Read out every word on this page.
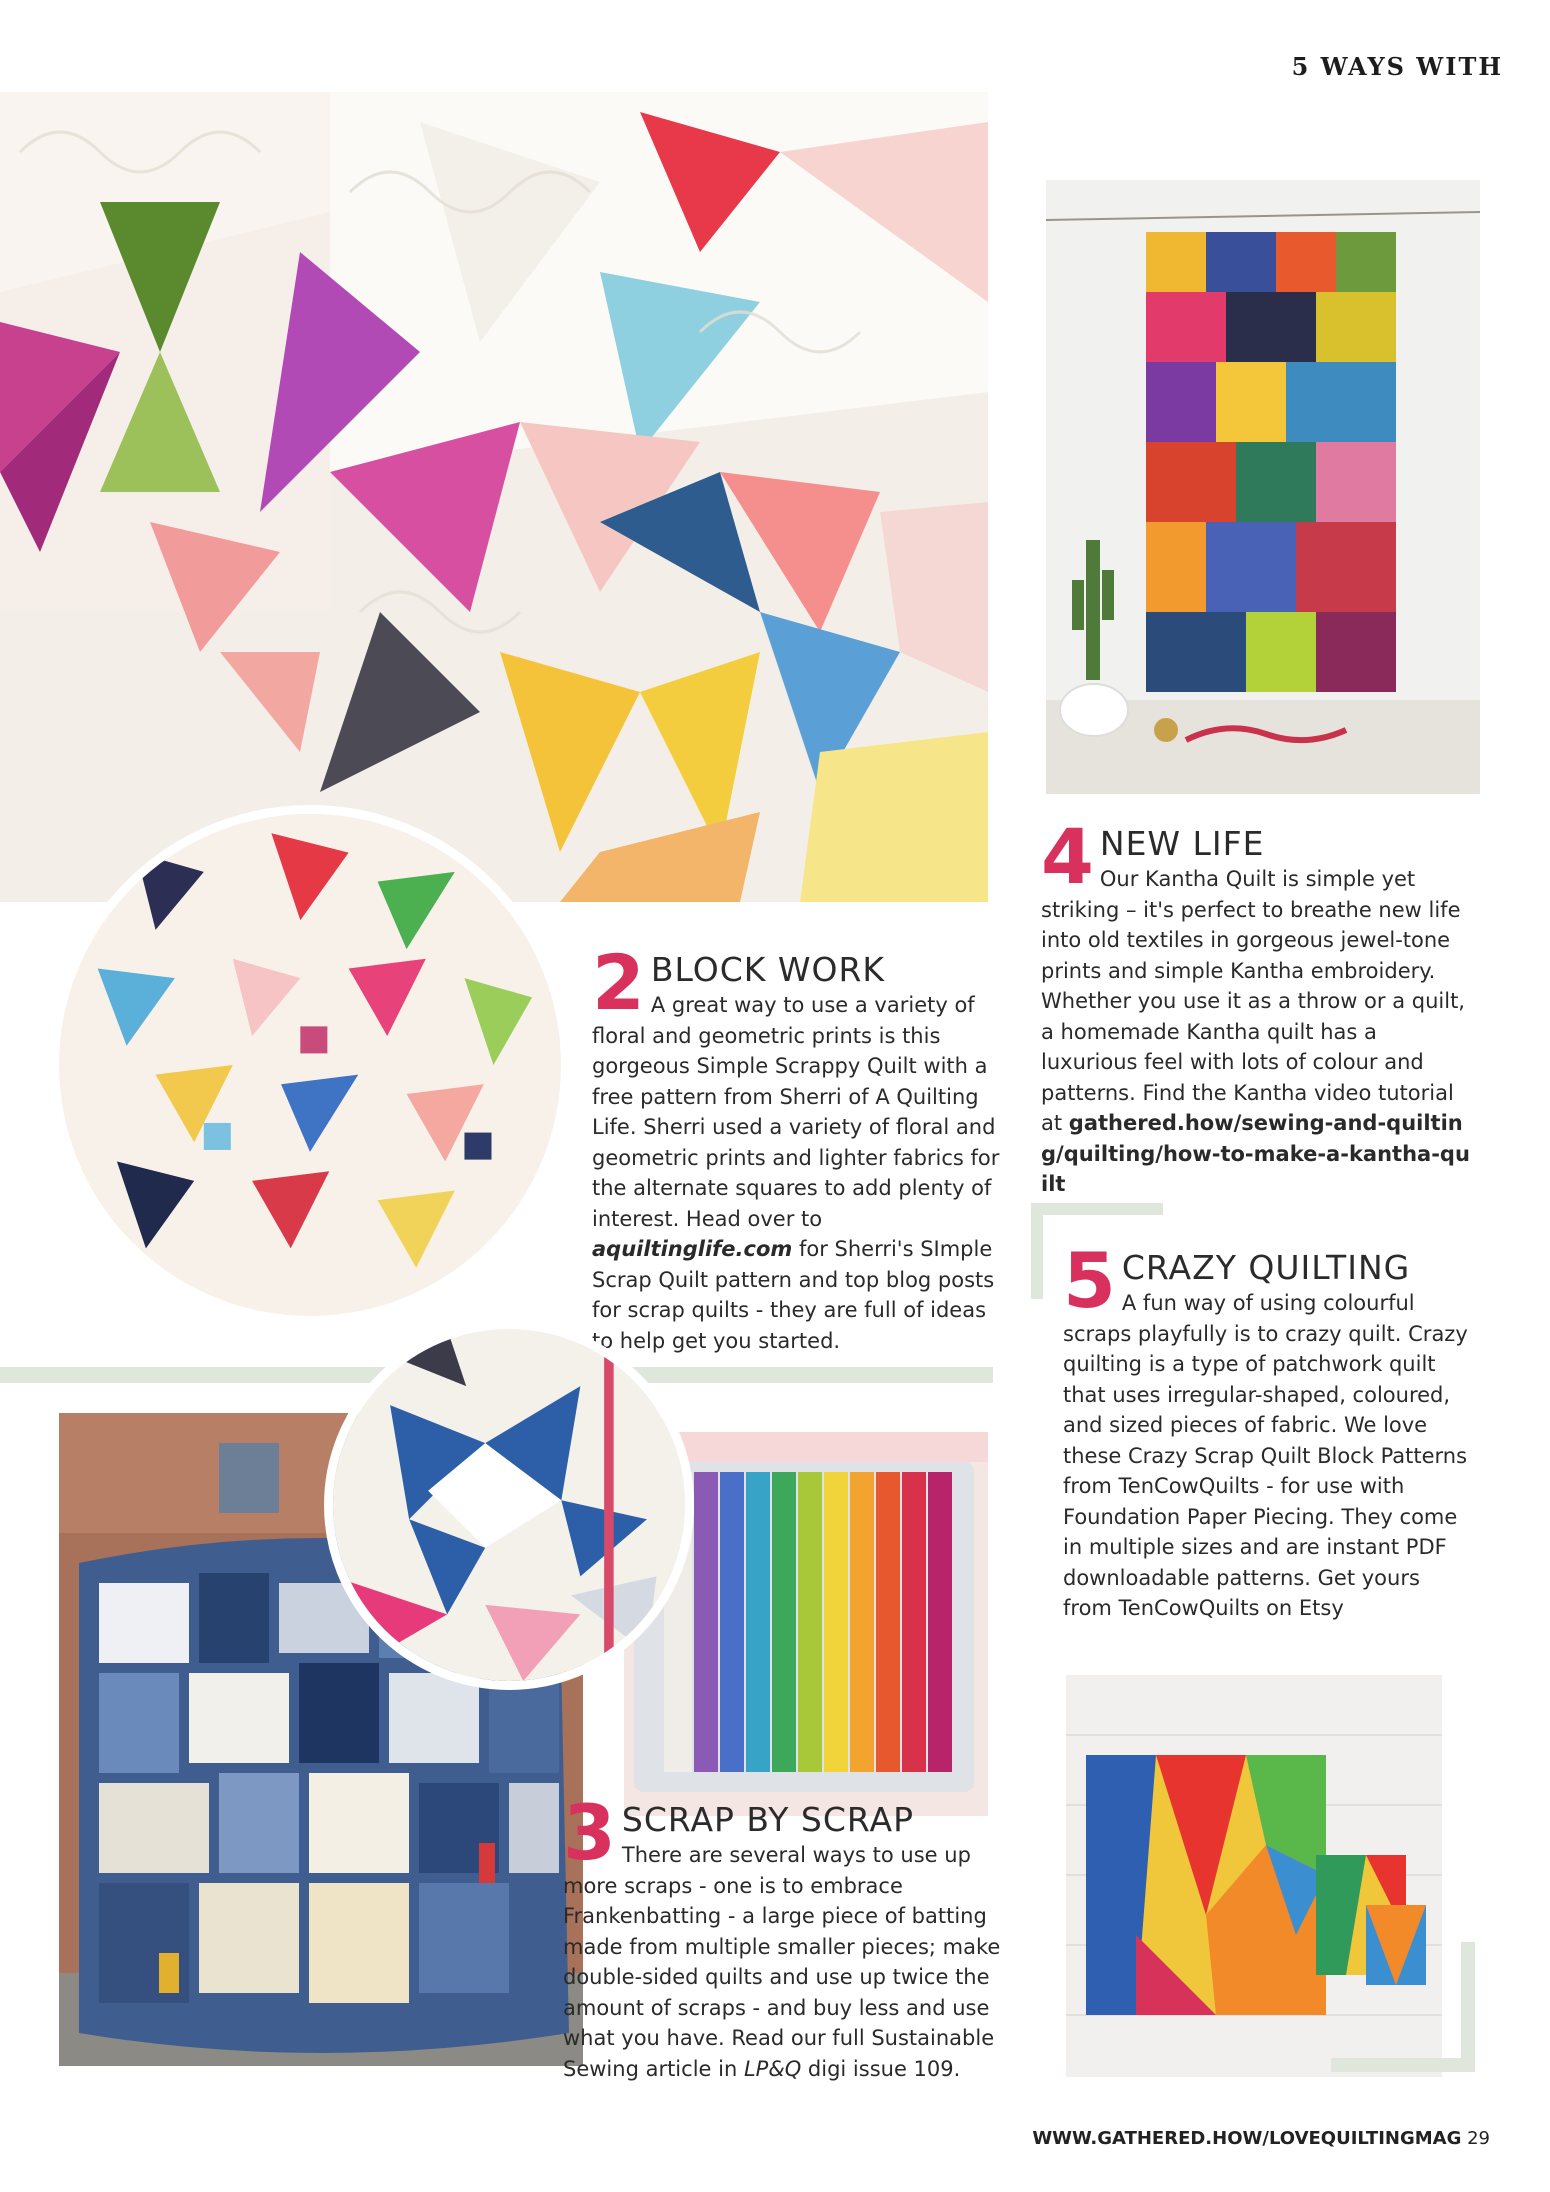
5 WAYS WITH
2 BLOCK WORK

A great way to use a variety of floral and geometric prints is this gorgeous Simple Scrappy Quilt with a free pattern from Sherri of A Quilting Life. Sherri used a variety of floral and geometric prints and lighter fabrics for the alternate squares to add plenty of interest. Head over to aquiltinglife.com for Sherri's SImple Scrap Quilt pattern and top blog posts for scrap quilts - they are full of ideas to help get you started.

4 NEW LIFE

Our Kantha Quilt is simple yet striking – it's perfect to breathe new life into old textiles in gorgeous jewel-tone prints and simple Kantha embroidery. Whether you use it as a throw or a quilt, a homemade Kantha quilt has a luxurious feel with lots of colour and patterns. Find the Kantha video tutorial at gathered.how/sewing-and-quilting/quilting/how-to-make-a-kantha-quilt

5 CRAZY QUILTING

A fun way of using colourful scraps playfully is to crazy quilt. Crazy quilting is a type of patchwork quilt that uses irregular-shaped, coloured, and sized pieces of fabric. We love these Crazy Scrap Quilt Block Patterns from TenCowQuilts - for use with Foundation Paper Piecing. They come in multiple sizes and are instant PDF downloadable patterns. Get yours from TenCowQuilts on Etsy

3 SCRAP BY SCRAP

There are several ways to use up more scraps - one is to embrace Frankenbatting - a large piece of batting made from multiple smaller pieces; make double-sided quilts and use up twice the amount of scraps - and buy less and use what you have. Read our full Sustainable Sewing article in LP&Q digi issue 109.

WWW.GATHERED.HOW/LOVEQUILTINGMAG 29
